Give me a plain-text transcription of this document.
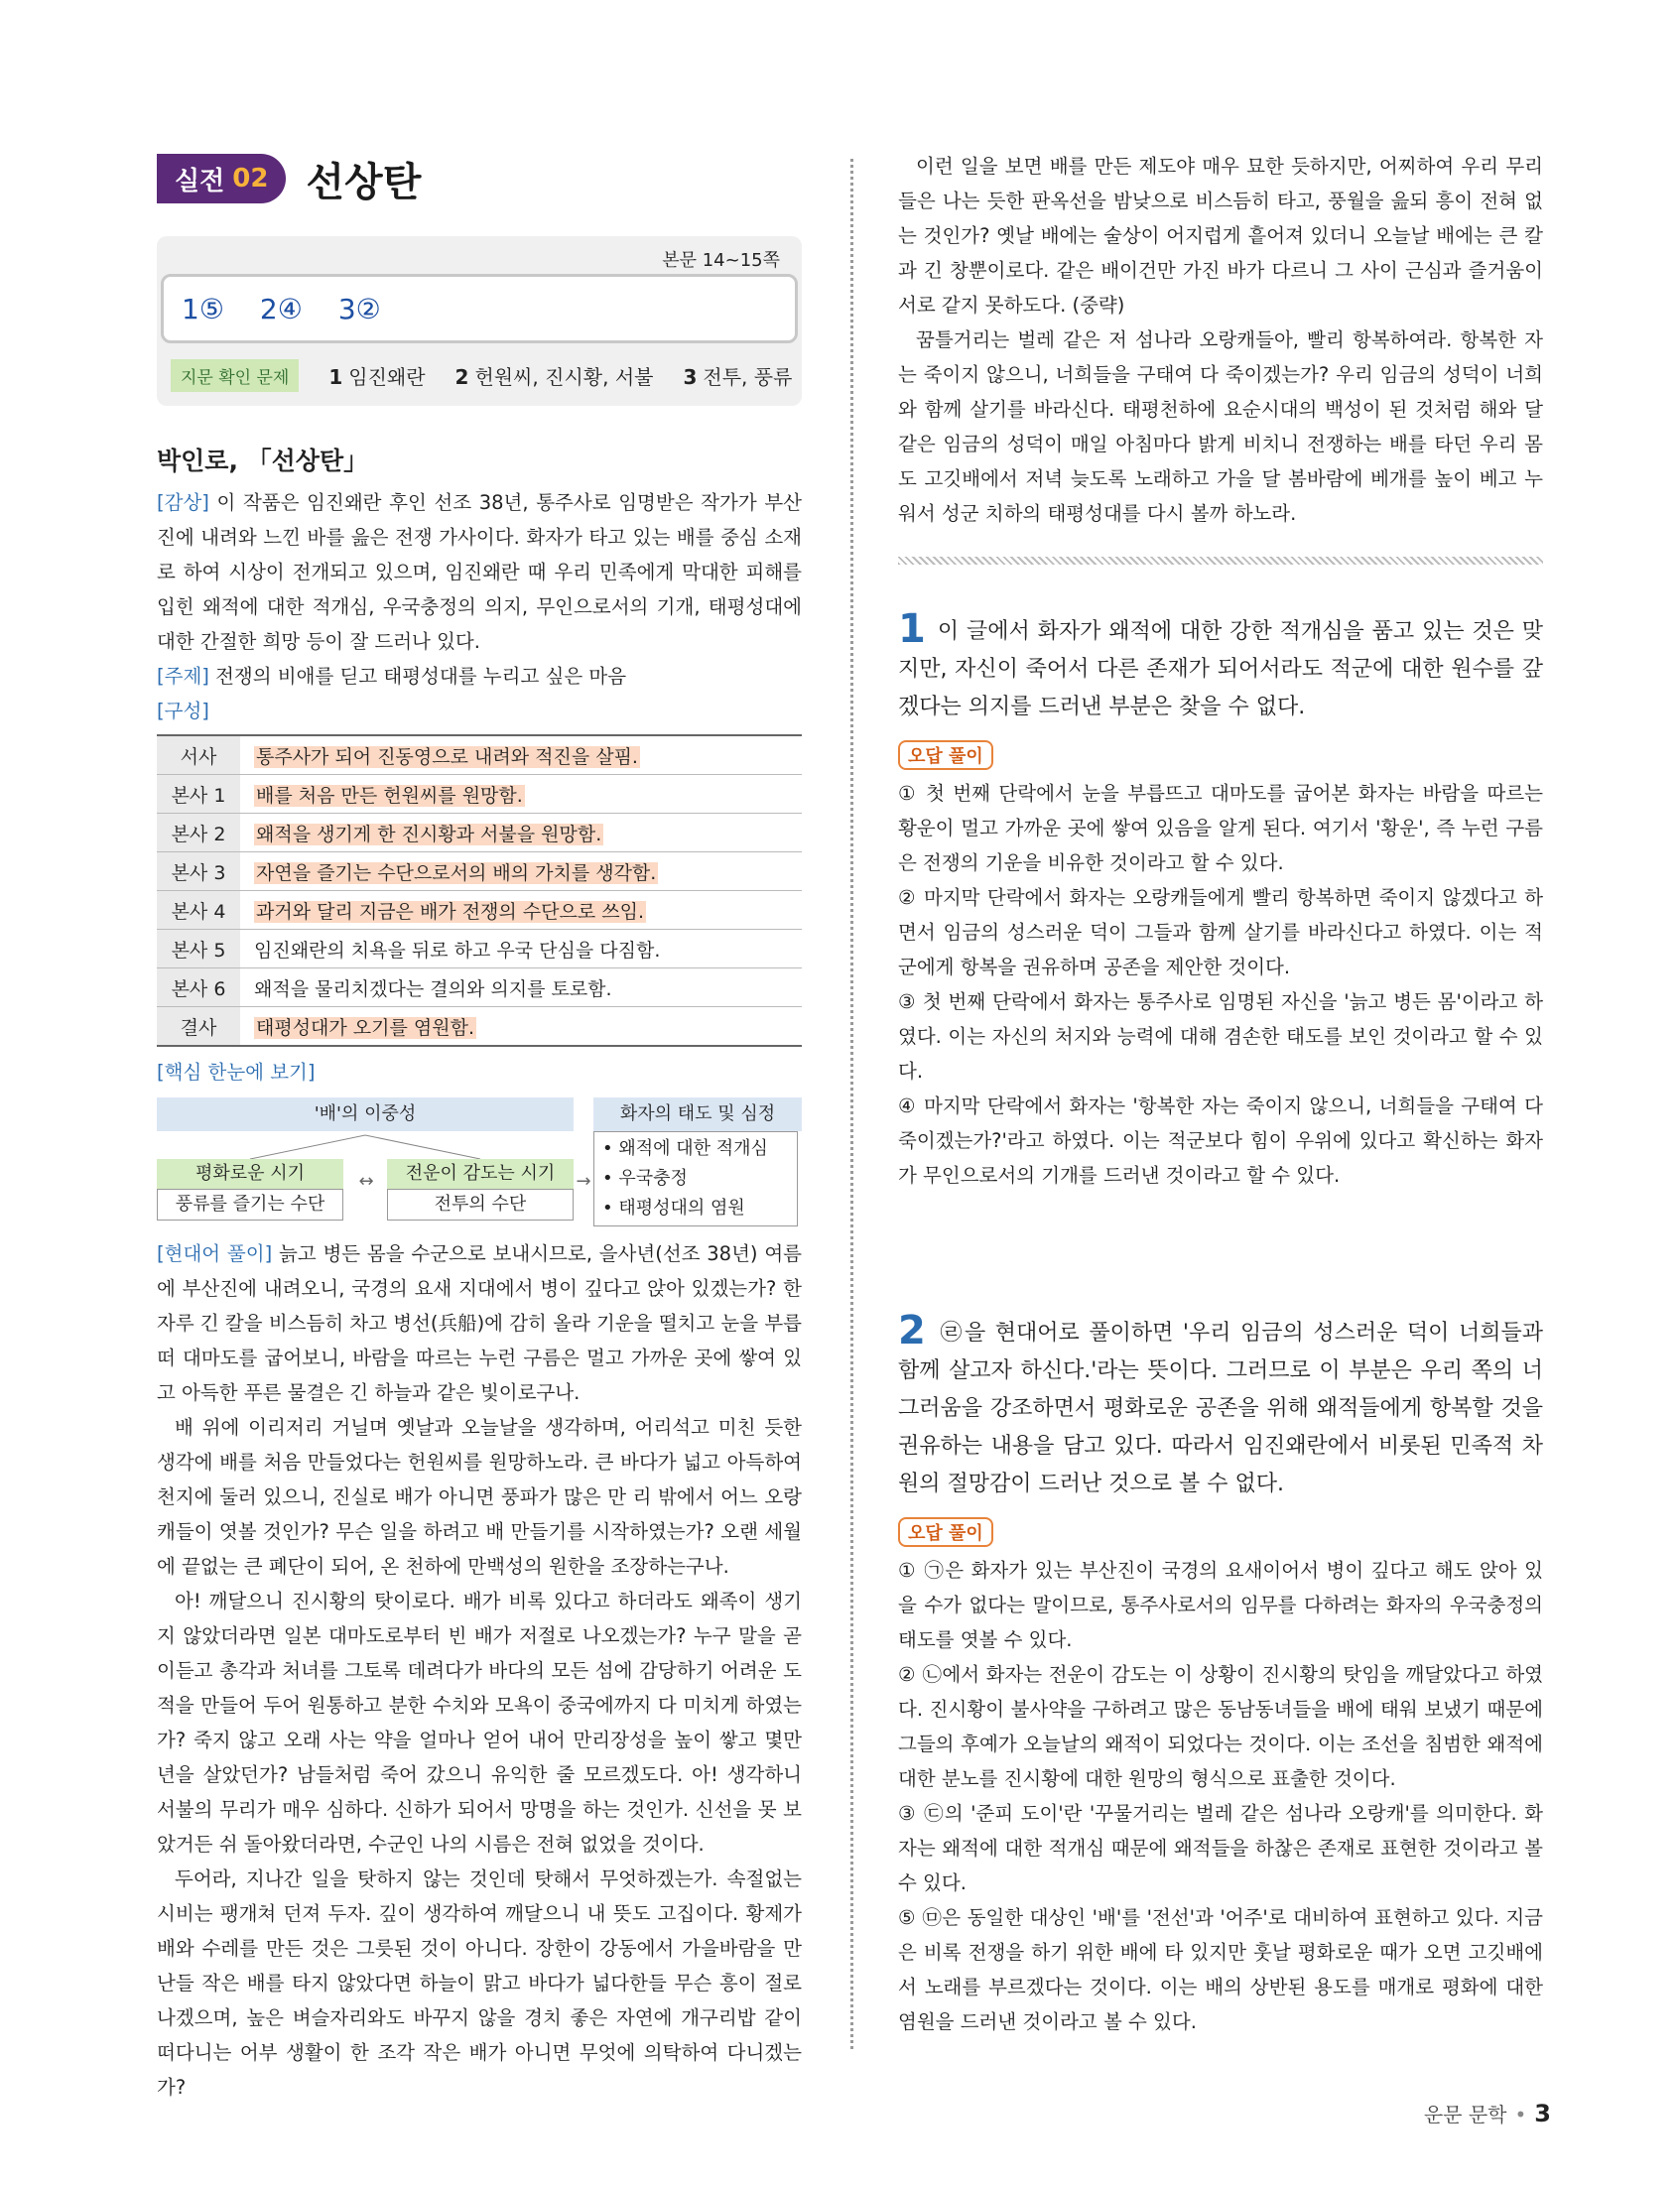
실전 02 선상탄
본문 14~15쪽
1⑤ 2④ 3②
지문 확인 문제	1 임진왜란 2 헌원씨, 진시황, 서불 3 전투, 풍류
박인로, 「선상탄」
[감상] 이 작품은 임진왜란 후인 선조 38년, 통주사로 임명받은 작가가 부산진에 내려와 느낀 바를 읊은 전쟁 가사이다. 화자가 타고 있는 배를 중심 소재로 하여 시상이 전개되고 있으며, 임진왜란 때 우리 민족에게 막대한 피해를 입힌 왜적에 대한 적개심, 우국충정의 의지, 무인으로서의 기개, 태평성대에 대한 간절한 희망 등이 잘 드러나 있다.
[주제] 전쟁의 비애를 딛고 태평성대를 누리고 싶은 마음
[구성]
서사	통주사가 되어 진동영으로 내려와 적진을 살핌.
본사 1	배를 처음 만든 헌원씨를 원망함.
본사 2	왜적을 생기게 한 진시황과 서불을 원망함.
본사 3	자연을 즐기는 수단으로서의 배의 가치를 생각함.
본사 4	과거와 달리 지금은 배가 전쟁의 수단으로 쓰임.
본사 5	임진왜란의 치욕을 뒤로 하고 우국 단심을 다짐함.
본사 6	왜적을 물리치겠다는 결의와 의지를 토로함.
결사	태평성대가 오기를 염원함.
[핵심 한눈에 보기]
'배'의 이중성	화자의 태도 및 심정
평화로운 시기
풍류를 즐기는 수단
↔	전운이 감도는 시기
전투의 수단
→
• 왜적에 대한 적개심
• 우국충정
• 태평성대의 염원
[현대어 풀이] 늙고 병든 몸을 수군으로 보내시므로, 을사년(선조 38년) 여름에 부산진에 내려오니, 국경의 요새 지대에서 병이 깊다고 앉아 있겠는가? 한 자루 긴 칼을 비스듬히 차고 병선(兵船)에 감히 올라 기운을 떨치고 눈을 부릅떠 대마도를 굽어보니, 바람을 따르는 누런 구름은 멀고 가까운 곳에 쌓여 있고 아득한 푸른 물결은 긴 하늘과 같은 빛이로구나.
배 위에 이리저리 거닐며 옛날과 오늘날을 생각하며, 어리석고 미친 듯한 생각에 배를 처음 만들었다는 헌원씨를 원망하노라. 큰 바다가 넓고 아득하여 천지에 둘러 있으니, 진실로 배가 아니면 풍파가 많은 만 리 밖에서 어느 오랑캐들이 엿볼 것인가? 무슨 일을 하려고 배 만들기를 시작하였는가? 오랜 세월에 끝없는 큰 폐단이 되어, 온 천하에 만백성의 원한을 조장하는구나.
아! 깨달으니 진시황의 탓이로다. 배가 비록 있다고 하더라도 왜족이 생기지 않았더라면 일본 대마도로부터 빈 배가 저절로 나오겠는가? 누구 말을 곧이듣고 총각과 처녀를 그토록 데려다가 바다의 모든 섬에 감당하기 어려운 도적을 만들어 두어 원통하고 분한 수치와 모욕이 중국에까지 다 미치게 하였는가? 죽지 않고 오래 사는 약을 얼마나 얻어 내어 만리장성을 높이 쌓고 몇만 년을 살았던가? 남들처럼 죽어 갔으니 유익한 줄 모르겠도다. 아! 생각하니 서불의 무리가 매우 심하다. 신하가 되어서 망명을 하는 것인가. 신선을 못 보았거든 쉬 돌아왔더라면, 수군인 나의 시름은 전혀 없었을 것이다.
두어라, 지나간 일을 탓하지 않는 것인데 탓해서 무엇하겠는가. 속절없는 시비는 팽개쳐 던져 두자. 깊이 생각하여 깨달으니 내 뜻도 고집이다. 황제가 배와 수레를 만든 것은 그릇된 것이 아니다. 장한이 강동에서 가을바람을 만난들 작은 배를 타지 않았다면 하늘이 맑고 바다가 넓다한들 무슨 흥이 절로 나겠으며, 높은 벼슬자리와도 바꾸지 않을 경치 좋은 자연에 개구리밥 같이 떠다니는 어부 생활이 한 조각 작은 배가 아니면 무엇에 의탁하여 다니겠는가?
이런 일을 보면 배를 만든 제도야 매우 묘한 듯하지만, 어찌하여 우리 무리들은 나는 듯한 판옥선을 밤낮으로 비스듬히 타고, 풍월을 읊되 흥이 전혀 없는 것인가? 옛날 배에는 술상이 어지럽게 흩어져 있더니 오늘날 배에는 큰 칼과 긴 창뿐이로다. 같은 배이건만 가진 바가 다르니 그 사이 근심과 즐거움이 서로 같지 못하도다. (중략)
꿈틀거리는 벌레 같은 저 섬나라 오랑캐들아, 빨리 항복하여라. 항복한 자는 죽이지 않으니, 너희들을 구태여 다 죽이겠는가? 우리 임금의 성덕이 너희와 함께 살기를 바라신다. 태평천하에 요순시대의 백성이 된 것처럼 해와 달 같은 임금의 성덕이 매일 아침마다 밝게 비치니 전쟁하는 배를 타던 우리 몸도 고깃배에서 저녁 늦도록 노래하고 가을 달 봄바람에 베개를 높이 베고 누워서 성군 치하의 태평성대를 다시 볼까 하노라.
1 이 글에서 화자가 왜적에 대한 강한 적개심을 품고 있는 것은 맞지만, 자신이 죽어서 다른 존재가 되어서라도 적군에 대한 원수를 갚겠다는 의지를 드러낸 부분은 찾을 수 없다.
오답 풀이
① 첫 번째 단락에서 눈을 부릅뜨고 대마도를 굽어본 화자는 바람을 따르는 황운이 멀고 가까운 곳에 쌓여 있음을 알게 된다. 여기서 '황운', 즉 누런 구름은 전쟁의 기운을 비유한 것이라고 할 수 있다.
② 마지막 단락에서 화자는 오랑캐들에게 빨리 항복하면 죽이지 않겠다고 하면서 임금의 성스러운 덕이 그들과 함께 살기를 바라신다고 하였다. 이는 적군에게 항복을 권유하며 공존을 제안한 것이다.
③ 첫 번째 단락에서 화자는 통주사로 임명된 자신을 '늙고 병든 몸'이라고 하였다. 이는 자신의 처지와 능력에 대해 겸손한 태도를 보인 것이라고 할 수 있다.
④ 마지막 단락에서 화자는 '항복한 자는 죽이지 않으니, 너희들을 구태여 다 죽이겠는가?'라고 하였다. 이는 적군보다 힘이 우위에 있다고 확신하는 화자가 무인으로서의 기개를 드러낸 것이라고 할 수 있다.
2 ㉣을 현대어로 풀이하면 '우리 임금의 성스러운 덕이 너희들과 함께 살고자 하신다.'라는 뜻이다. 그러므로 이 부분은 우리 쪽의 너그러움을 강조하면서 평화로운 공존을 위해 왜적들에게 항복할 것을 권유하는 내용을 담고 있다. 따라서 임진왜란에서 비롯된 민족적 차원의 절망감이 드러난 것으로 볼 수 없다.
오답 풀이
① ㉠은 화자가 있는 부산진이 국경의 요새이어서 병이 깊다고 해도 앉아 있을 수가 없다는 말이므로, 통주사로서의 임무를 다하려는 화자의 우국충정의 태도를 엿볼 수 있다.
② ㉡에서 화자는 전운이 감도는 이 상황이 진시황의 탓임을 깨달았다고 하였다. 진시황이 불사약을 구하려고 많은 동남동녀들을 배에 태워 보냈기 때문에 그들의 후예가 오늘날의 왜적이 되었다는 것이다. 이는 조선을 침범한 왜적에 대한 분노를 진시황에 대한 원망의 형식으로 표출한 것이다.
③ ㉢의 '준피 도이'란 '꾸물거리는 벌레 같은 섬나라 오랑캐'를 의미한다. 화자는 왜적에 대한 적개심 때문에 왜적들을 하찮은 존재로 표현한 것이라고 볼 수 있다.
⑤ ㉤은 동일한 대상인 '배'를 '전선'과 '어주'로 대비하여 표현하고 있다. 지금은 비록 전쟁을 하기 위한 배에 타 있지만 훗날 평화로운 때가 오면 고깃배에서 노래를 부르겠다는 것이다. 이는 배의 상반된 용도를 매개로 평화에 대한 염원을 드러낸 것이라고 볼 수 있다.
운문 문학 • 3
